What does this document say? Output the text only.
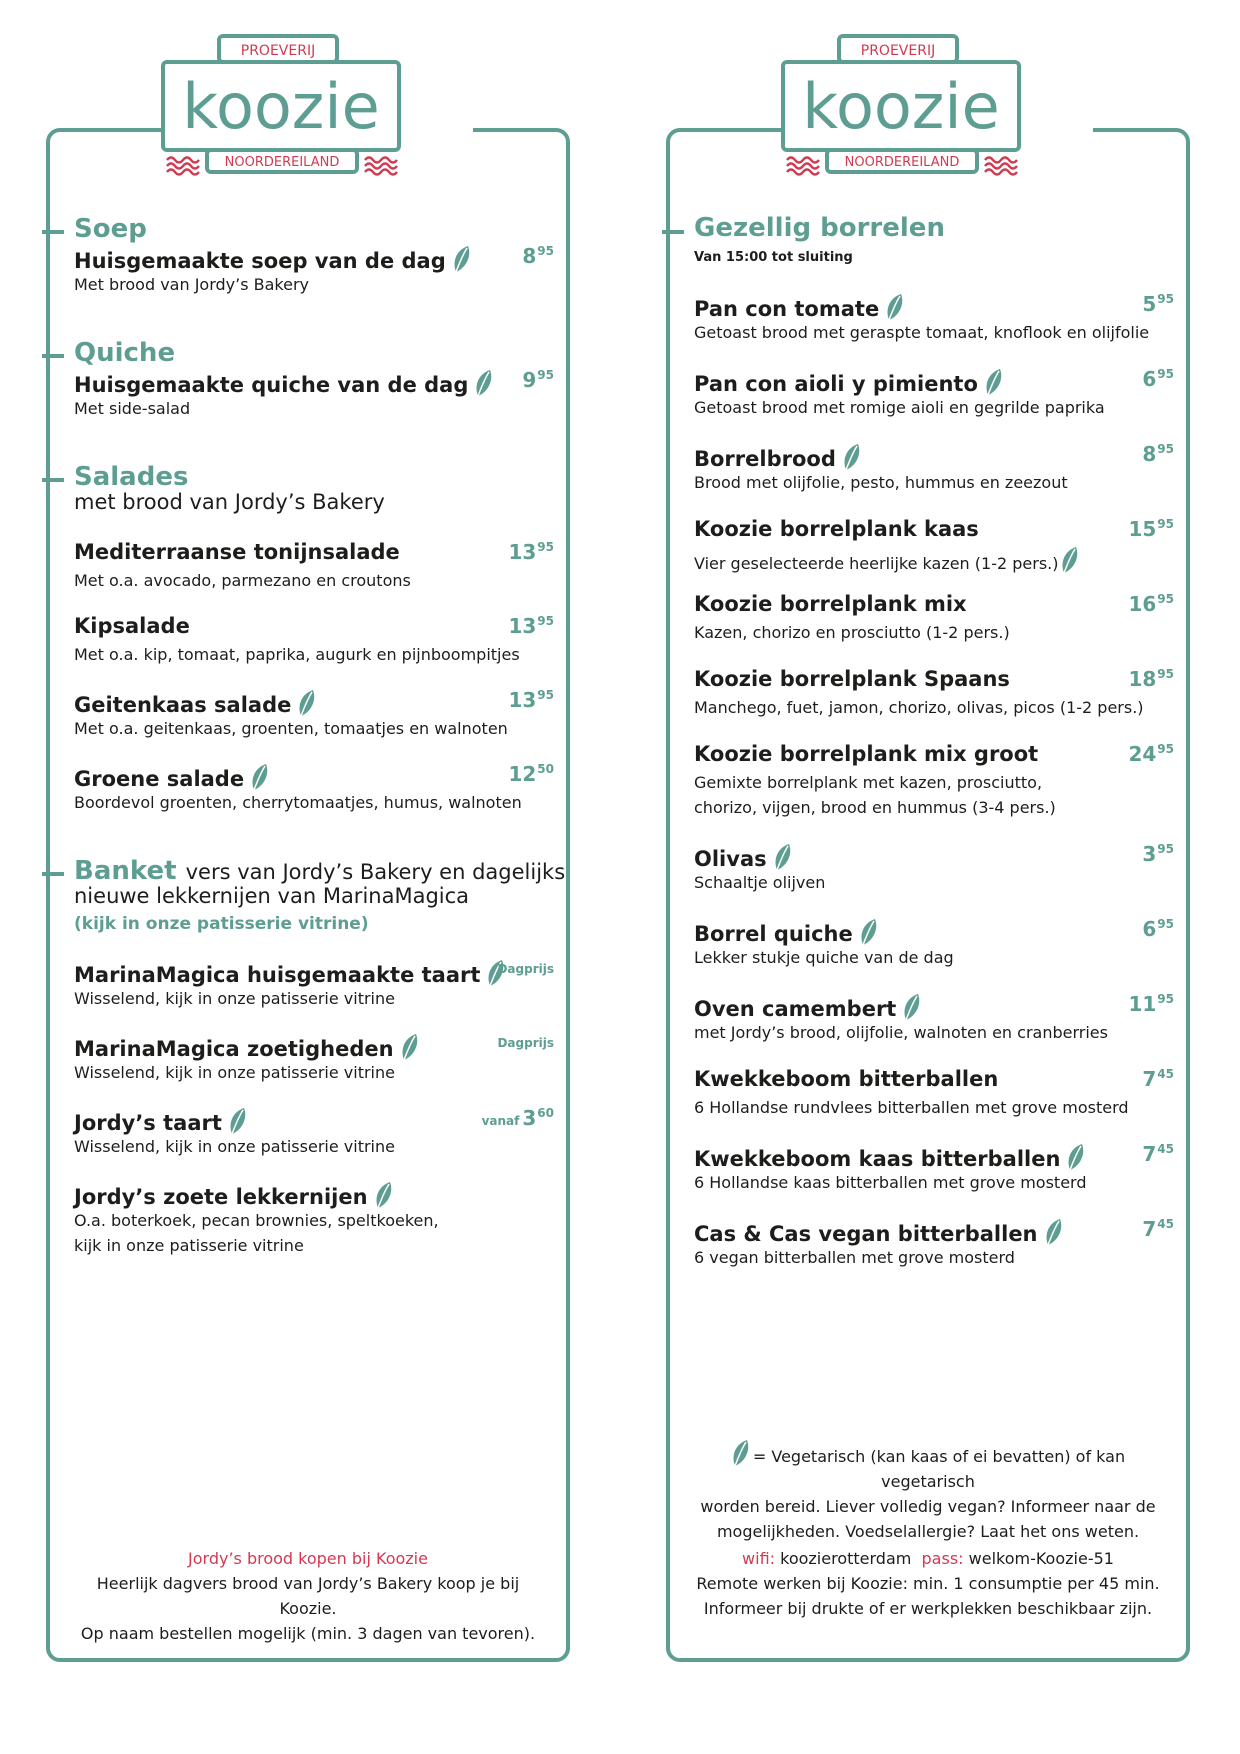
PROEVERIJ
koozie
NOORDEREILAND
Soep
Huisgemaakte soep van de dag	$8^{95}$
Met brood van Jordy’s Bakery
Quiche
Huisgemaakte quiche van de dag	$9^{95}$
Met side-salad
Salades
met brood van Jordy’s Bakery
Mediterraanse tonijnsalade	$13^{95}$
Met o.a. avocado, parmezano en croutons
Kipsalade	$13^{95}$
Met o.a. kip, tomaat, paprika, augurk en pijnboompitjes
Geitenkaas salade	$13^{95}$
Met o.a. geitenkaas, groenten, tomaatjes en walnoten
Groene salade	$12^{50}$
Boordevol groenten, cherrytomaatjes, humus, walnoten
Banket vers van Jordy’s Bakery en dagelijks
nieuwe lekkernijen van MarinaMagica
(kijk in onze patisserie vitrine)
MarinaMagica huisgemaakte taart	Dagprijs
Wisselend, kijk in onze patisserie vitrine
MarinaMagica zoetigheden	Dagprijs
Wisselend, kijk in onze patisserie vitrine
Jordy’s taart	vanaf $3^{60}$
Wisselend, kijk in onze patisserie vitrine
Jordy’s zoete lekkernijen
O.a. boterkoek, pecan brownies, speltkoeken,
kijk in onze patisserie vitrine
Jordy’s brood kopen bij Koozie
Heerlijk dagvers brood van Jordy’s Bakery koop je bij Koozie.
Op naam bestellen mogelijk (min. 3 dagen van tevoren).
PROEVERIJ
koozie
NOORDEREILAND
Gezellig borrelen
Van 15:00 tot sluiting
Pan con tomate	$5^{95}$
Getoast brood met geraspte tomaat, knoflook en olijfolie
Pan con aioli y pimiento	$6^{95}$
Getoast brood met romige aioli en gegrilde paprika
Borrelbrood	$8^{95}$
Brood met olijfolie, pesto, hummus en zeezout
Koozie borrelplank kaas	$15^{95}$
Vier geselecteerde heerlijke kazen (1-2 pers.)
Koozie borrelplank mix	$16^{95}$
Kazen, chorizo en prosciutto (1-2 pers.)
Koozie borrelplank Spaans	$18^{95}$
Manchego, fuet, jamon, chorizo, olivas, picos (1-2 pers.)
Koozie borrelplank mix groot	$24^{95}$
Gemixte borrelplank met kazen, prosciutto,
chorizo, vijgen, brood en hummus (3-4 pers.)
Olivas	$3^{95}$
Schaaltje olijven
Borrel quiche	$6^{95}$
Lekker stukje quiche van de dag
Oven camembert	$11^{95}$
met Jordy’s brood, olijfolie, walnoten en cranberries
Kwekkeboom bitterballen	$7^{45}$
6 Hollandse rundvlees bitterballen met grove mosterd
Kwekkeboom kaas bitterballen	$7^{45}$
6 Hollandse kaas bitterballen met grove mosterd
Cas & Cas vegan bitterballen	$7^{45}$
6 vegan bitterballen met grove mosterd
= Vegetarisch (kan kaas of ei bevatten) of kan vegetarisch
worden bereid. Liever volledig vegan? Informeer naar de
mogelijkheden. Voedselallergie? Laat het ons weten.
wifi: koozierotterdam pass: welkom-Koozie-51
Remote werken bij Koozie: min. 1 consumptie per 45 min.
Informeer bij drukte of er werkplekken beschikbaar zijn.
